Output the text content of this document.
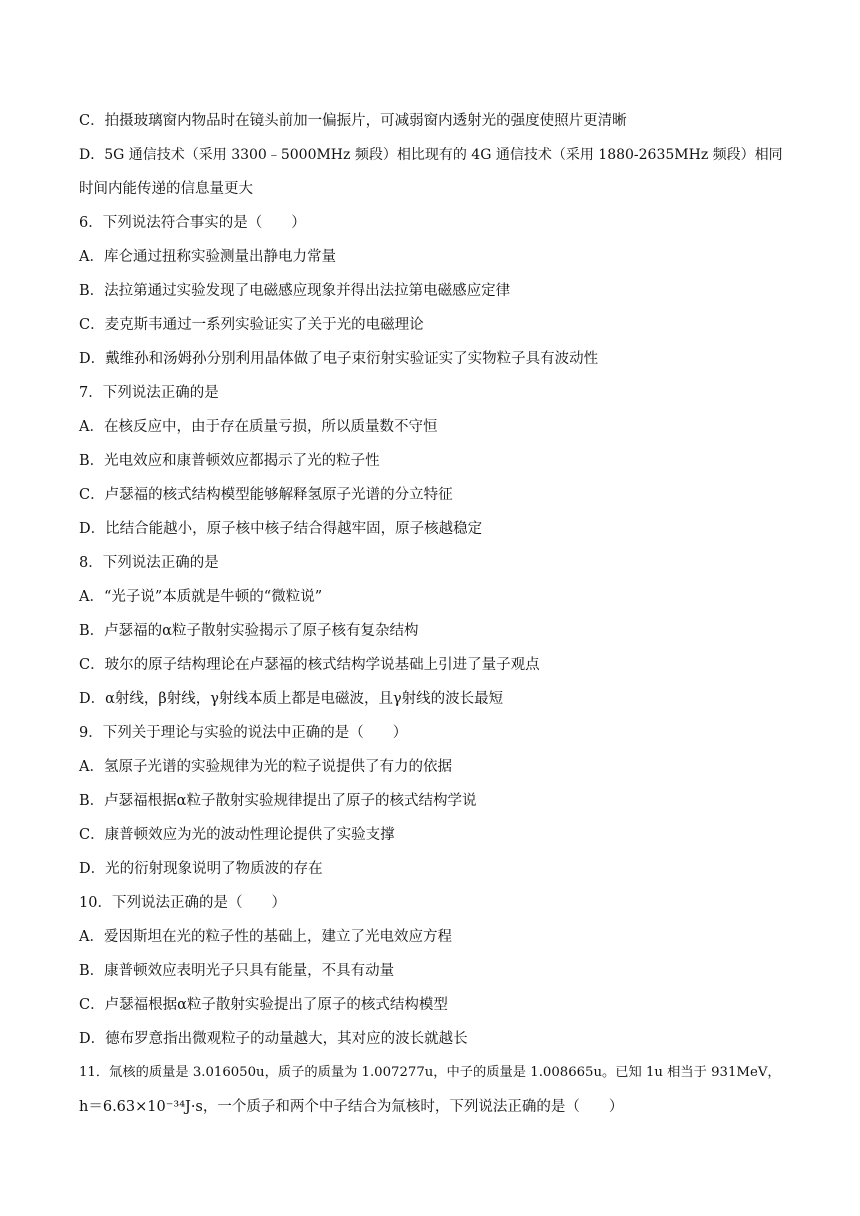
C．拍摄玻璃窗内物品时在镜头前加一偏振片，可减弱窗内透射光的强度使照片更清晰
D．5G 通信技术（采用 3300﹣5000MHz 频段）相比现有的 4G 通信技术（采用 1880-2635MHz 频段）相同
时间内能传递的信息量更大
6．下列说法符合事实的是（　　）
A．库仑通过扭称实验测量出静电力常量
B．法拉第通过实验发现了电磁感应现象并得出法拉第电磁感应定律
C．麦克斯韦通过一系列实验证实了关于光的电磁理论
D．戴维孙和汤姆孙分别利用晶体做了电子束衍射实验证实了实物粒子具有波动性
7．下列说法正确的是
A．在核反应中，由于存在质量亏损，所以质量数不守恒
B．光电效应和康普顿效应都揭示了光的粒子性
C．卢瑟福的核式结构模型能够解释氢原子光谱的分立特征
D．比结合能越小，原子核中核子结合得越牢固，原子核越稳定
8．下列说法正确的是
A．“光子说”本质就是牛顿的“微粒说”
B．卢瑟福的α粒子散射实验揭示了原子核有复杂结构
C．玻尔的原子结构理论在卢瑟福的核式结构学说基础上引进了量子观点
D．α射线，β射线，γ射线本质上都是电磁波，且γ射线的波长最短
9．下列关于理论与实验的说法中正确的是（　　）
A．氢原子光谱的实验规律为光的粒子说提供了有力的依据
B．卢瑟福根据α粒子散射实验规律提出了原子的核式结构学说
C．康普顿效应为光的波动性理论提供了实验支撑
D．光的衍射现象说明了物质波的存在
10．下列说法正确的是（　　）
A．爱因斯坦在光的粒子性的基础上，建立了光电效应方程
B．康普顿效应表明光子只具有能量，不具有动量
C．卢瑟福根据α粒子散射实验提出了原子的核式结构模型
D．德布罗意指出微观粒子的动量越大，其对应的波长就越长
11．氚核的质量是 3.016050u，质子的质量为 1.007277u，中子的质量是 1.008665u。已知 1u 相当于 931MeV，
h＝6.63×10⁻³⁴J·s，一个质子和两个中子结合为氚核时，下列说法正确的是（　　）
